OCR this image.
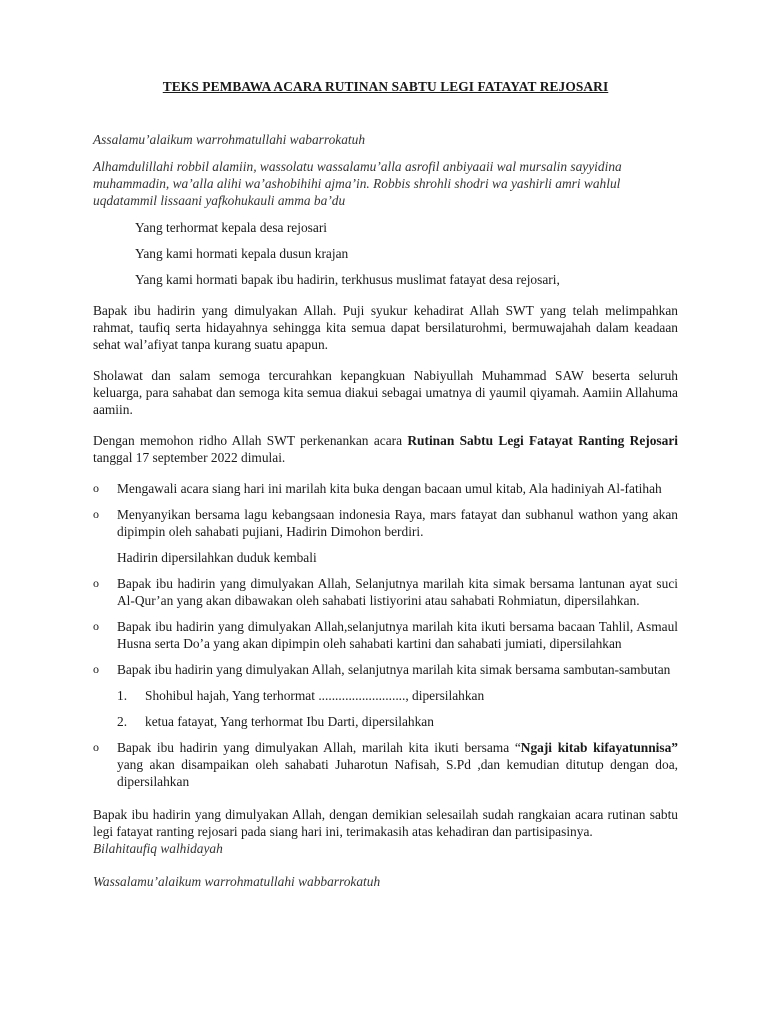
TEKS PEMBAWA ACARA RUTINAN SABTU LEGI FATAYAT REJOSARI

Assalamu’alaikum warrohmatullahi wabarrokatuh

Alhamdulillahi robbil alamiin, wassolatu wassalamu’alla asrofil anbiyaaii wal mursalin sayyidina muhammadin, wa’alla alihi wa’ashobihihi ajma’in. Robbis shrohli shodri wa yashirli amri wahlul uqdatammil lissaani yafkohukauli amma ba’du

Yang terhormat kepala desa rejosari

Yang kami hormati kepala dusun krajan

Yang kami hormati bapak ibu hadirin, terkhusus muslimat fatayat desa rejosari,

Bapak ibu hadirin yang dimulyakan Allah. Puji syukur kehadirat Allah SWT yang telah melimpahkan rahmat, taufiq serta hidayahnya sehingga kita semua dapat bersilaturohmi, bermuwajahah dalam keadaan sehat wal’afiyat tanpa kurang suatu apapun.

Sholawat dan salam semoga tercurahkan kepangkuan Nabiyullah Muhammad SAW beserta seluruh keluarga, para sahabat dan semoga kita semua diakui sebagai umatnya di yaumil qiyamah. Aamiin Allahuma aamiin.

Dengan memohon ridho Allah SWT perkenankan acara Rutinan Sabtu Legi Fatayat Ranting Rejosari tanggal 17 september 2022 dimulai.

o	Mengawali acara siang hari ini marilah kita buka dengan bacaan umul kitab, Ala hadiniyah Al-fatihah
o	Menyanyikan bersama lagu kebangsaan indonesia Raya, mars fatayat dan subhanul wathon yang akan dipimpin oleh sahabati pujiani, Hadirin Dimohon berdiri.

Hadirin dipersilahkan duduk kembali

o	Bapak ibu hadirin yang dimulyakan Allah, Selanjutnya marilah kita simak bersama lantunan ayat suci Al-Qur’an yang akan dibawakan oleh sahabati listiyorini atau sahabati Rohmiatun, dipersilahkan.
o	Bapak ibu hadirin yang dimulyakan Allah,selanjutnya marilah kita ikuti bersama bacaan Tahlil, Asmaul Husna serta Do’a yang akan dipimpin oleh sahabati kartini dan sahabati jumiati, dipersilahkan
o	Bapak ibu hadirin yang dimulyakan Allah, selanjutnya marilah kita simak bersama sambutan-sambutan
1.	Shohibul hajah, Yang terhormat .........................., dipersilahkan
2.	ketua fatayat, Yang terhormat Ibu Darti, dipersilahkan
o	Bapak ibu hadirin yang dimulyakan Allah, marilah kita ikuti bersama “Ngaji kitab kifayatunnisa” yang akan disampaikan oleh sahabati Juharotun Nafisah, S.Pd ,dan kemudian ditutup dengan doa, dipersilahkan

Bapak ibu hadirin yang dimulyakan Allah, dengan demikian selesailah sudah rangkaian acara rutinan sabtu legi fatayat ranting rejosari pada siang hari ini, terimakasih atas kehadiran dan partisipasinya.
Bilahitaufiq walhidayah

Wassalamu’alaikum warrohmatullahi wabbarrokatuh
